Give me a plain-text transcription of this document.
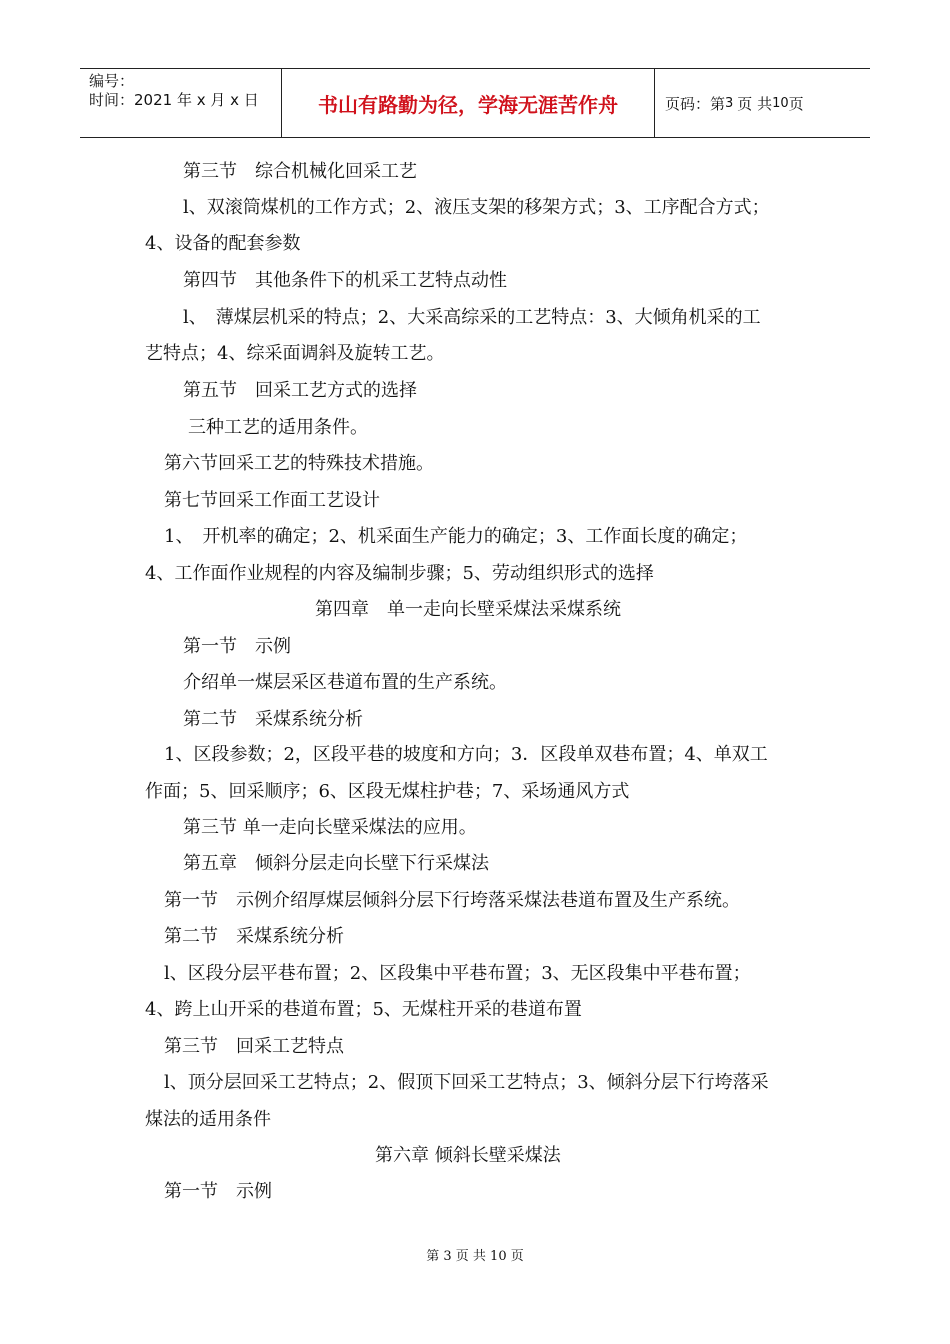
编号：
时间：2021 年 x 月 x 日	书山有路勤为径，学海无涯苦作舟	页码：第 3 页 共 10 页
第三节　综合机械化回采工艺
l、双滚筒煤机的工作方式；2、液压支架的移架方式；3、工序配合方式；
4、设备的配套参数
第四节　其他条件下的机采工艺特点动性
l、　薄煤层机采的特点；2、大采高综采的工艺特点：3、大倾角机采的工
艺特点；4、综采面调斜及旋转工艺。
第五节　回采工艺方式的选择
三种工艺的适用条件。
第六节回采工艺的特殊技术措施。
第七节回采工作面工艺设计
1、　开机率的确定；2、机采面生产能力的确定；3、工作面长度的确定；
4、工作面作业规程的内容及编制步骤；5、劳动组织形式的选择
第四章　单一走向长壁采煤法采煤系统
第一节　示例
介绍单一煤层采区巷道布置的生产系统。
第二节　采煤系统分析
1、区段参数；2，区段平巷的坡度和方向；3．区段单双巷布置；4、单双工
作面；5、回采顺序；6、区段无煤柱护巷；7、采场通风方式
第三节 单一走向长壁采煤法的应用。
第五章　倾斜分层走向长壁下行采煤法
第一节　示例介绍厚煤层倾斜分层下行垮落采煤法巷道布置及生产系统。
第二节　采煤系统分析
l、区段分层平巷布置；2、区段集中平巷布置；3、无区段集中平巷布置；
4、跨上山开采的巷道布置；5、无煤柱开采的巷道布置
第三节　回采工艺特点
l、顶分层回采工艺特点；2、假顶下回采工艺特点；3、倾斜分层下行垮落采
煤法的适用条件
第六章 倾斜长壁采煤法
第一节　示例
第 3 页 共 10 页
